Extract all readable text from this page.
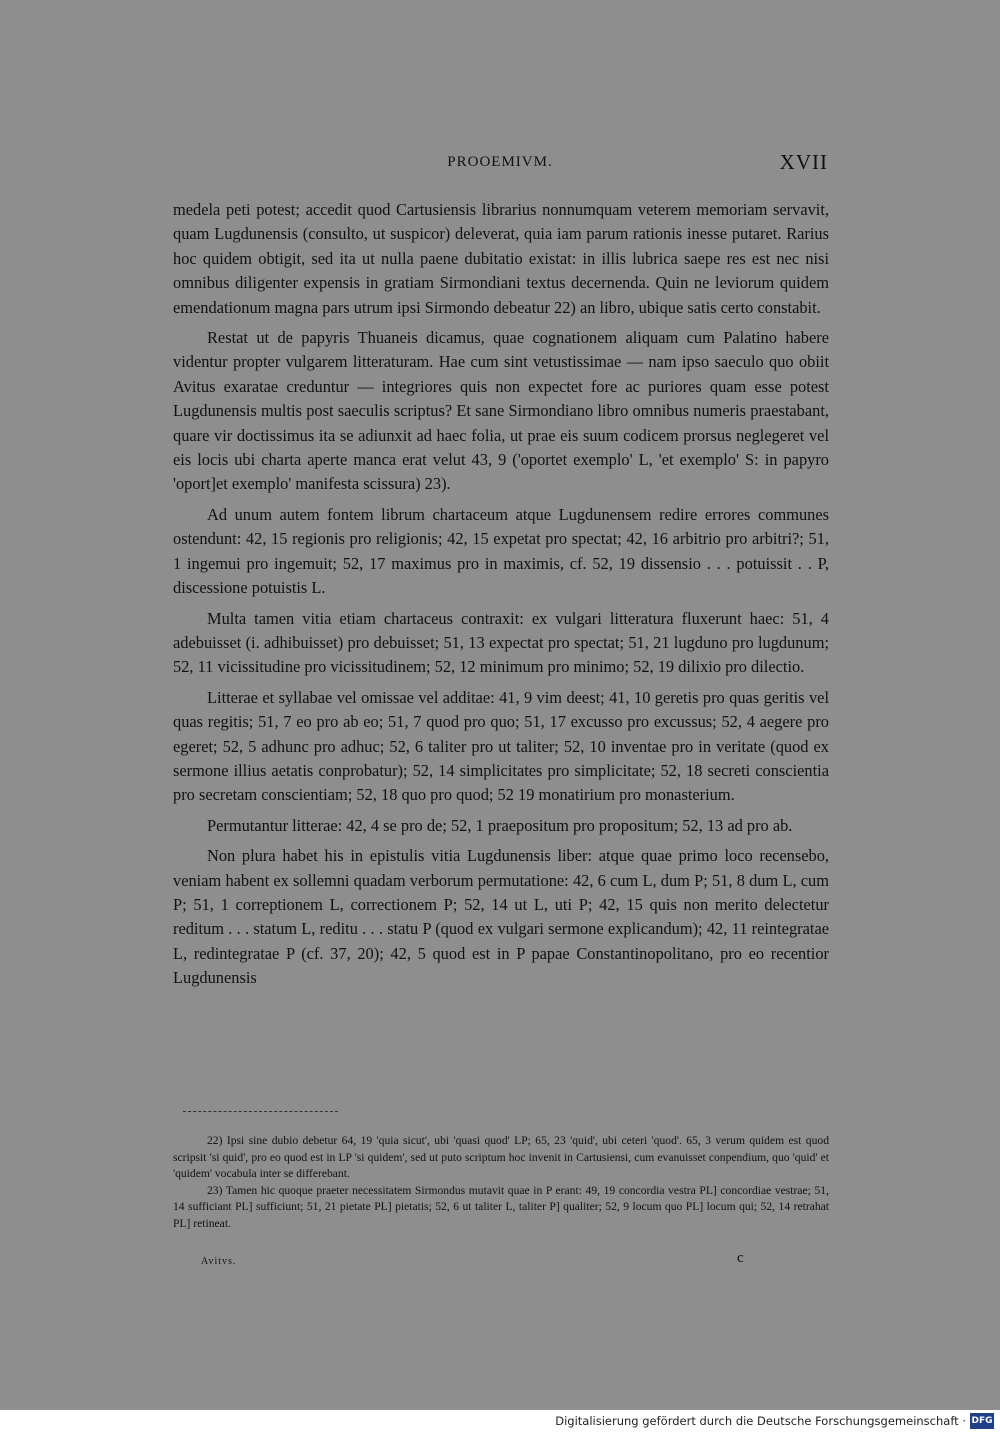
PROOEMIVM.	XVII

medela peti potest; accedit quod Cartusiensis librarius nonnumquam veterem memoriam servavit, quam Lugdunensis (consulto, ut suspicor) deleverat, quia iam parum rationis inesse putaret. Rarius hoc quidem obtigit, sed ita ut nulla paene dubitatio existat: in illis lubrica saepe res est nec nisi omnibus diligenter expensis in gratiam Sirmondiani textus decernenda. Quin ne leviorum quidem emendationum magna pars utrum ipsi Sirmondo debeatur 22) an libro, ubique satis certo constabit.

Restat ut de papyris Thuaneis dicamus, quae cognationem aliquam cum Palatino habere videntur propter vulgarem litteraturam. Hae cum sint vetustissimae — nam ipso saeculo quo obiit Avitus exaratae creduntur — integriores quis non expectet fore ac puriores quam esse potest Lugdunensis multis post saeculis scriptus? Et sane Sirmondiano libro omnibus numeris praestabant, quare vir doctissimus ita se adiunxit ad haec folia, ut prae eis suum codicem prorsus neglegeret vel eis locis ubi charta aperte manca erat velut 43, 9 ('oportet exemplo' L, 'et exemplo' S: in papyro 'oport]et exemplo' manifesta scissura) 23).

Ad unum autem fontem librum chartaceum atque Lugdunensem redire errores communes ostendunt: 42, 15 regionis pro religionis; 42, 15 expetat pro spectat; 42, 16 arbitrio pro arbitri?; 51, 1 ingemui pro ingemuit; 52, 17 maximus pro in maximis, cf. 52, 19 dissensio . . . potuissit . . P, discessione potuistis L.

Multa tamen vitia etiam chartaceus contraxit: ex vulgari litteratura fluxerunt haec: 51, 4 adebuisset (i. adhibuisset) pro debuisset; 51, 13 expectat pro spectat; 51, 21 lugduno pro lugdunum; 52, 11 vicissitudine pro vicissitudinem; 52, 12 minimum pro minimo; 52, 19 dilixio pro dilectio.

Litterae et syllabae vel omissae vel additae: 41, 9 vim deest; 41, 10 geretis pro quas geritis vel quas regitis; 51, 7 eo pro ab eo; 51, 7 quod pro quo; 51, 17 excusso pro excussus; 52, 4 aegere pro egeret; 52, 5 adhunc pro adhuc; 52, 6 taliter pro ut taliter; 52, 10 inventae pro in veritate (quod ex sermone illius aetatis conprobatur); 52, 14 simplicitates pro simplicitate; 52, 18 secreti conscientia pro secretam conscientiam; 52, 18 quo pro quod; 52 19 monatirium pro monasterium.

Permutantur litterae: 42, 4 se pro de; 52, 1 praepositum pro propositum; 52, 13 ad pro ab.

Non plura habet his in epistulis vitia Lugdunensis liber: atque quae primo loco recensebo, veniam habent ex sollemni quadam verborum permutatione: 42, 6 cum L, dum P; 51, 8 dum L, cum P; 51, 1 correptionem L, correctionem P; 52, 14 ut L, uti P; 42, 15 quis non merito delectetur reditum . . . statum L, reditu . . . statu P (quod ex vulgari sermone explicandum); 42, 11 reintegratae L, redintegratae P (cf. 37, 20); 42, 5 quod est in P papae Constantinopolitano, pro eo recentior Lugdunensis

22) Ipsi sine dubio debetur 64, 19 'quia sicut', ubi 'quasi quod' LP; 65, 23 'quid', ubi ceteri 'quod'. 65, 3 verum quidem est quod scripsit 'si quid', pro eo quod est in LP 'si quidem', sed ut puto scriptum hoc invenit in Cartusiensi, cum evanuisset conpendium, quo 'quid' et 'quidem' vocabula inter se differebant.

23) Tamen hic quoque praeter necessitatem Sirmondus mutavit quae in P erant: 49, 19 concordia vestra PL] concordiae vestrae; 51, 14 sufficiant PL] sufficiunt; 51, 21 pietate PL] pietatis; 52, 6 ut taliter L, taliter P] qualiter; 52, 9 locum quo PL] locum qui; 52, 14 retrahat PL] retineat.

Avitvs.	c
Digitalisierung gefördert durch die Deutsche Forschungsgemeinschaft · DFG
